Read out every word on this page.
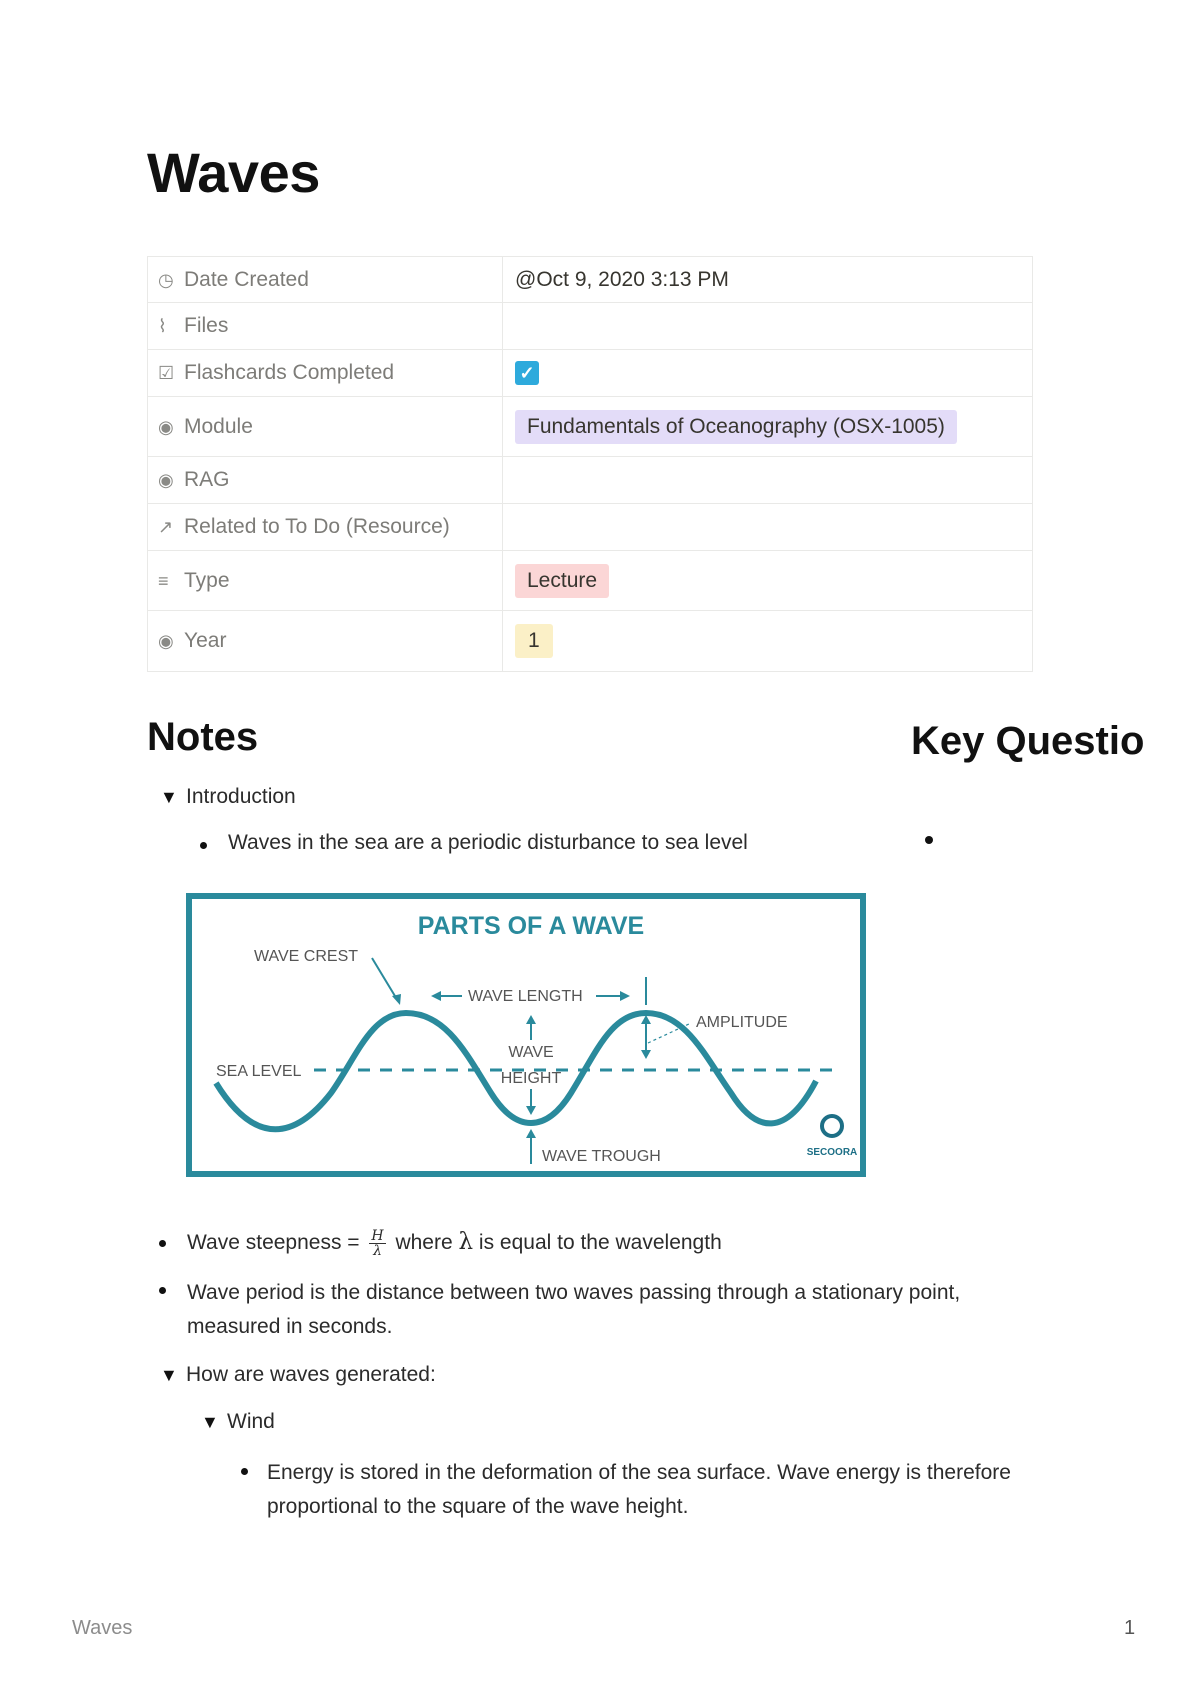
Waves
◷ Date Created	@Oct 9, 2020 3:13 PM
⌇ Files	
☑ Flashcards Completed	✓
◉ Module	Fundamentals of Oceanography (OSX-1005)
◉ RAG	
↗ Related to To Do (Resource)	
≡ Type	Lecture
◉ Year	1
Notes	Key Questio
▼ Introduction
Waves in the sea are a periodic disturbance to sea level
PARTS OF A WAVE
WAVE CREST
WAVE LENGTH
AMPLITUDE
SEA LEVEL
WAVE
HEIGHT
WAVE TROUGH	SECOORA
Wave steepness = $\frac{H}{\lambda}$ where λ is equal to the wavelength
Wave period is the distance between two waves passing through a stationary point, measured in seconds.
▼ How are waves generated:
▼ Wind
Energy is stored in the deformation of the sea surface. Wave energy is therefore proportional to the square of the wave height.
Waves	1
